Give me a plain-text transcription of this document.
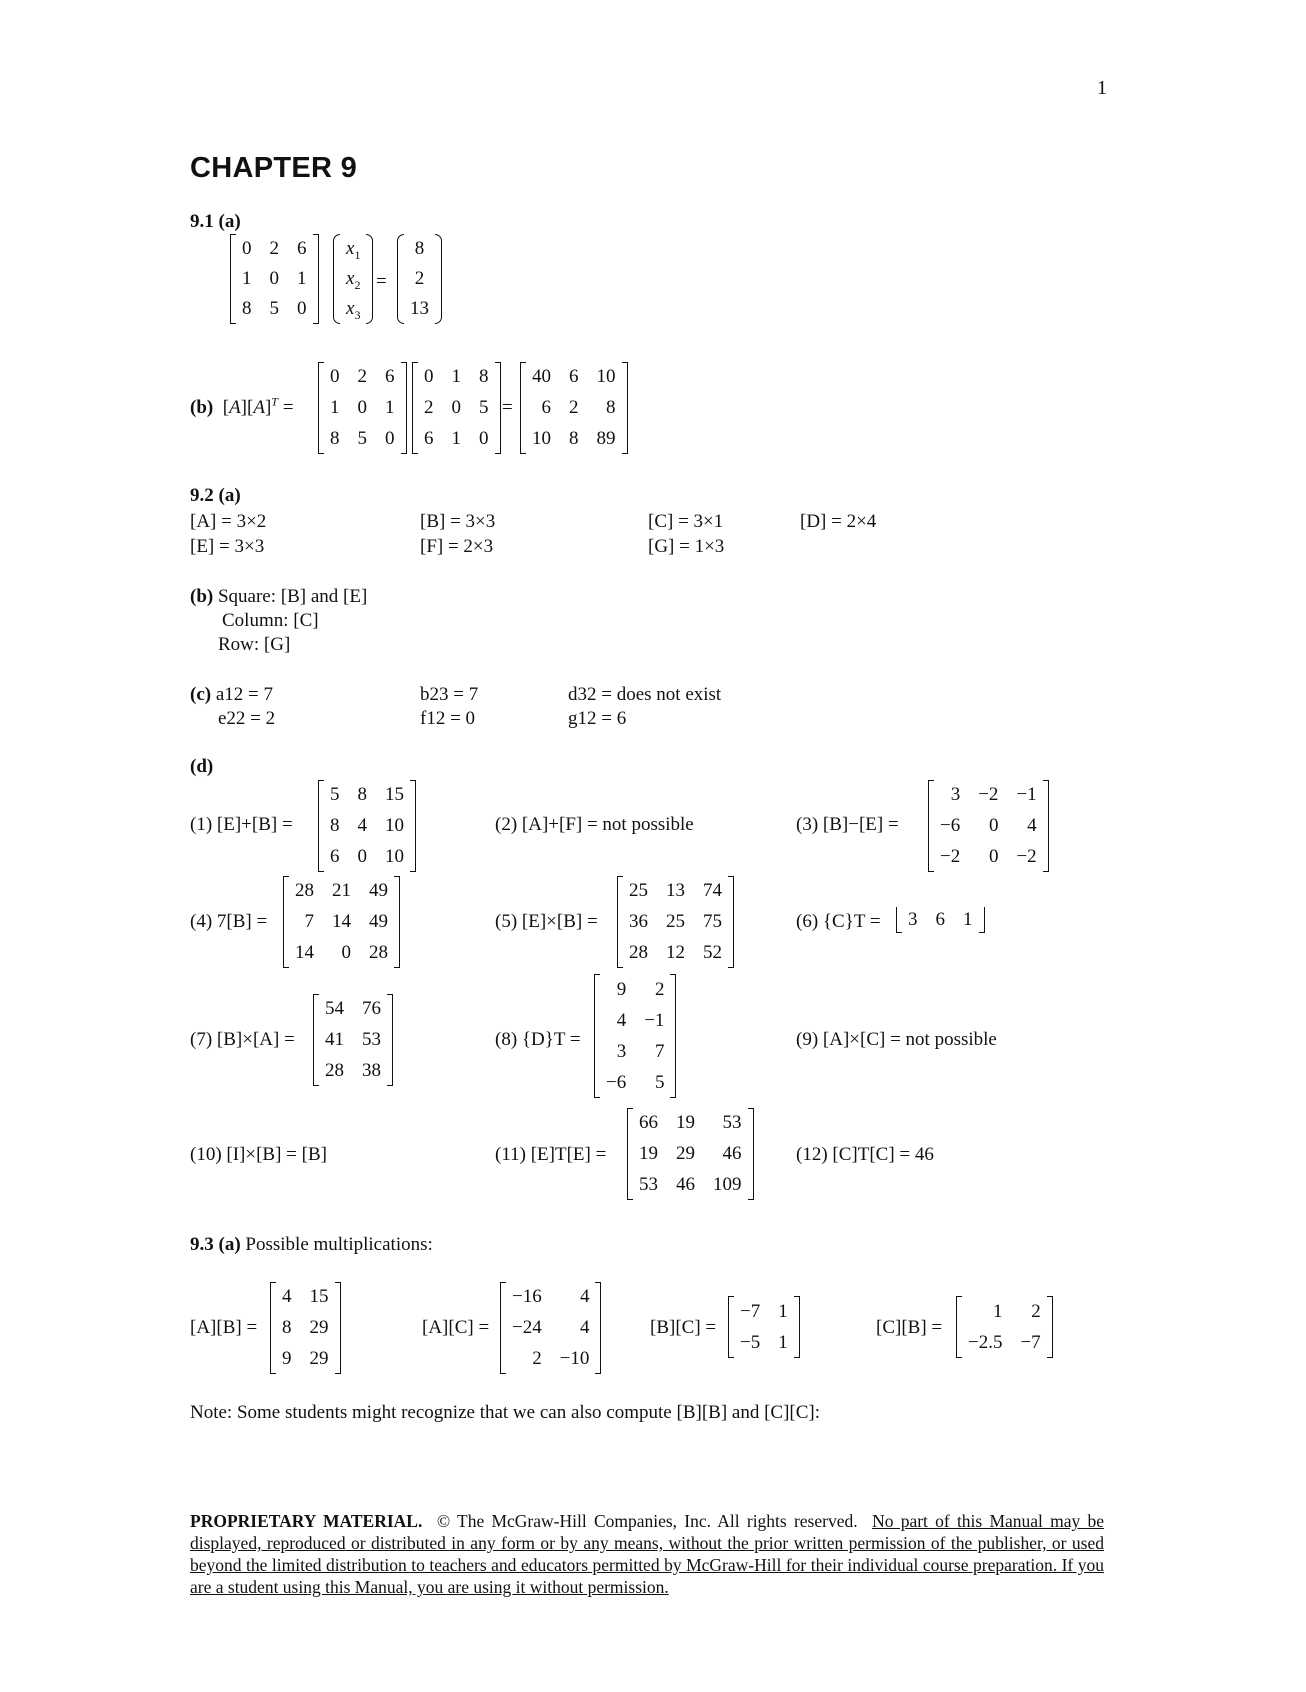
1
CHAPTER 9
9.1 (a)
0 2 6
1 0 1
8 5 0
$x_1$
$x_2$
$x_3$
=
8
2
13
(b)  $[A][A]^T$ =
0 2 6
1 0 1
8 5 0
0 1 8
2 0 5
6 1 0
=
40 6 10
6 2	8
10 8 89
9.2 (a)
[A] = 3×2	[B] = 3×3	[C] = 3×1	[D] = 2×4
[E] = 3×3	[F] = 2×3	[G] = 1×3
(b) Square: [B] and [E]
Column: [C]
Row: [G]
(c) a12 = 7	b23 = 7	d32 = does not exist
e22 = 2	f12 = 0	g12 = 6
(d)
(1) [E]+[B] =
5 8 15
8 4 10
6 0 10
(2) [A]+[F] = not possible	(3) [B]−[E] =
3 −2 −1
−6	0	4
−2	0 −2
(4) 7[B] =
28 21 49
7 14 49
14	0 28
(5) [E]×[B] =
25 13 74
36 25 75
28 12 52
(6) {C}T = 3 6 1
(7) [B]×[A] =
54 76
41 53
28 38
(8) {D}T =
9	2
4 −1
3	7
−6	5
(9) [A]×[C] = not possible
(10) [I]×[B] = [B]	(11) [E]T[E] =
66 19	53
19 29	46
53 46 109
(12) [C]T[C] = 46
9.3 (a) Possible multiplications:
[A][B] =
4 15
8 29
9 29
[A][C] =
−16	4
−24	4
2 −10
[B][C] =
−7 1
−5 1
[C][B] =
1	2
−2.5 −7
Note: Some students might recognize that we can also compute [B][B] and [C][C]:
PROPRIETARY MATERIAL. © The McGraw-Hill Companies, Inc. All rights reserved. No part of this Manual may be displayed, reproduced or distributed in any form or by any means, without the prior written permission of the publisher, or used beyond the limited distribution to teachers and educators permitted by McGraw-Hill for their individual course preparation. If you are a student using this Manual, you are using it without permission.
